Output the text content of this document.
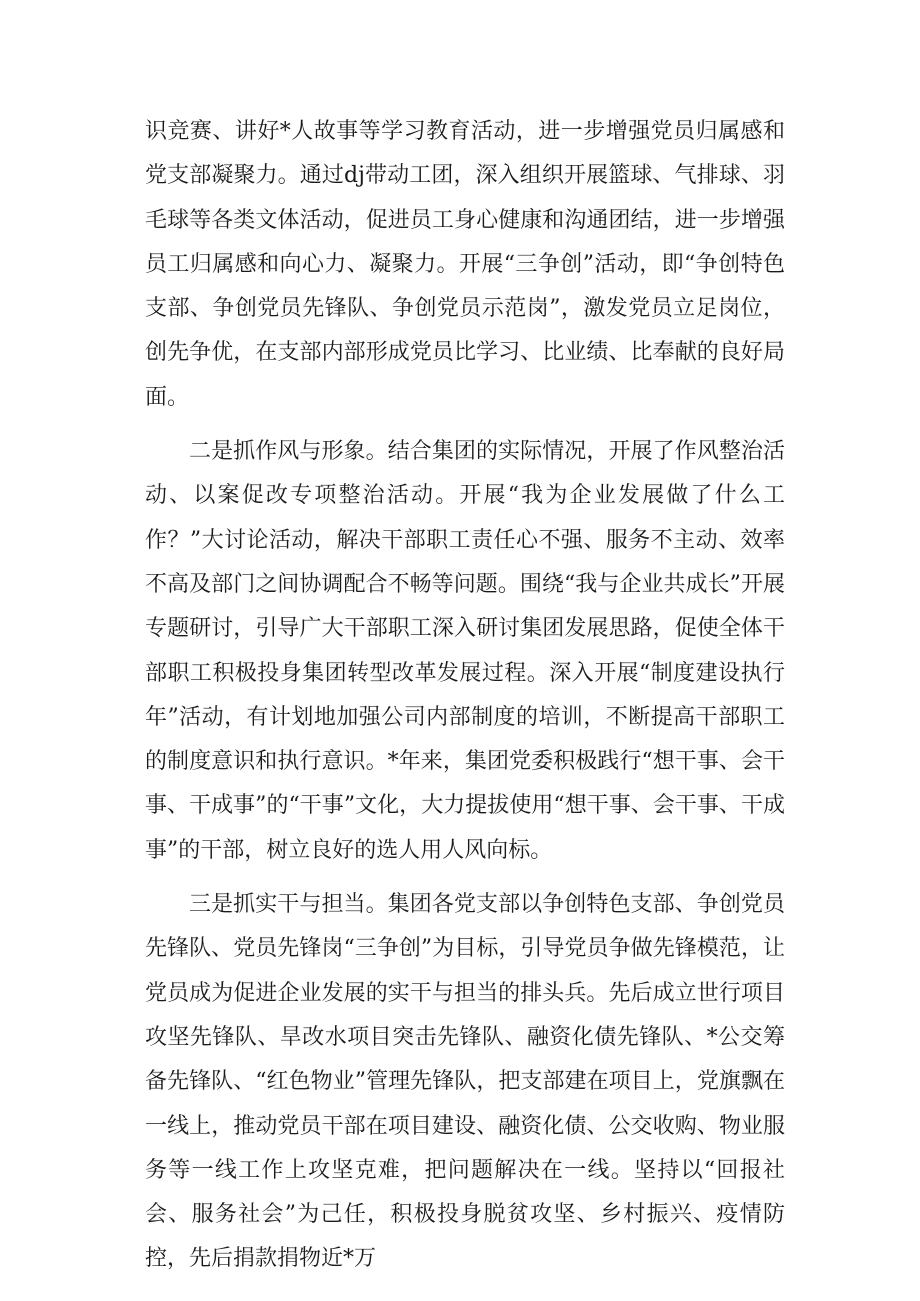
识竞赛、讲好*人故事等学习教育活动，进一步增强党员归属感和党支部凝聚力。通过dj带动工团，深入组织开展篮球、气排球、羽毛球等各类文体活动，促进员工身心健康和沟通团结，进一步增强员工归属感和向心力、凝聚力。开展“三争创”活动，即“争创特色支部、争创党员先锋队、争创党员示范岗”，激发党员立足岗位，创先争优，在支部内部形成党员比学习、比业绩、比奉献的良好局面。

二是抓作风与形象。结合集团的实际情况，开展了作风整治活动、以案促改专项整治活动。开展“我为企业发展做了什么工作？”大讨论活动，解决干部职工责任心不强、服务不主动、效率不高及部门之间协调配合不畅等问题。围绕“我与企业共成长”开展专题研讨，引导广大干部职工深入研讨集团发展思路，促使全体干部职工积极投身集团转型改革发展过程。深入开展“制度建设执行年”活动，有计划地加强公司内部制度的培训，不断提高干部职工的制度意识和执行意识。*年来，集团党委积极践行“想干事、会干事、干成事”的“干事”文化，大力提拔使用“想干事、会干事、干成事”的干部，树立良好的选人用人风向标。

三是抓实干与担当。集团各党支部以争创特色支部、争创党员先锋队、党员先锋岗“三争创”为目标，引导党员争做先锋模范，让党员成为促进企业发展的实干与担当的排头兵。先后成立世行项目攻坚先锋队、旱改水项目突击先锋队、融资化债先锋队、*公交筹备先锋队、“红色物业”管理先锋队，把支部建在项目上，党旗飘在一线上，推动党员干部在项目建设、融资化债、公交收购、物业服务等一线工作上攻坚克难，把问题解决在一线。坚持以“回报社会、服务社会”为己任，积极投身脱贫攻坚、乡村振兴、疫情防控，先后捐款捐物近*万
